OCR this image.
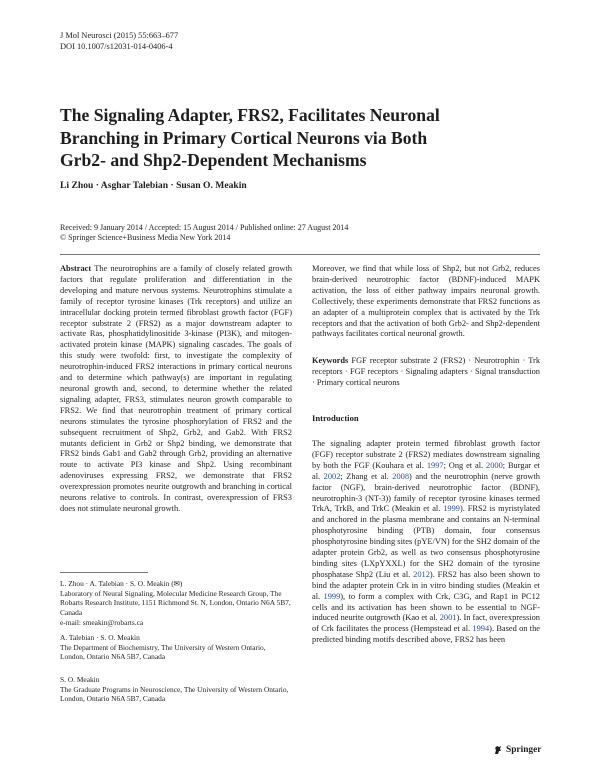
J Mol Neurosci (2015) 55:663–677
DOI 10.1007/s12031-014-0406-4
The Signaling Adapter, FRS2, Facilitates Neuronal
Branching in Primary Cortical Neurons via Both
Grb2- and Shp2-Dependent Mechanisms
Li Zhou · Asghar Talebian · Susan O. Meakin
Received: 9 January 2014 / Accepted: 15 August 2014 / Published online: 27 August 2014
© Springer Science+Business Media New York 2014

Abstract The neurotrophins are a family of closely related growth factors that regulate proliferation and differentiation in the developing and mature nervous systems. Neurotrophins stimulate a family of receptor tyrosine kinases (Trk receptors) and utilize an intracellular docking protein termed fibroblast growth factor (FGF) receptor substrate 2 (FRS2) as a major downstream adapter to activate Ras, phosphatidylinositide 3-kinase (PI3K), and mitogen-activated protein kinase (MAPK) signaling cascades. The goals of this study were twofold: first, to investigate the complexity of neurotrophin-induced FRS2 interactions in primary cortical neurons and to determine which pathway(s) are important in regulating neuronal growth and, second, to determine whether the related signaling adapter, FRS3, stimulates neuron growth comparable to FRS2. We find that neurotrophin treatment of primary cortical neurons stimulates the tyrosine phosphorylation of FRS2 and the subsequent recruitment of Shp2, Grb2, and Gab2. With FRS2 mutants deficient in Grb2 or Shp2 binding, we demonstrate that FRS2 binds Gab1 and Gab2 through Grb2, providing an alternative route to activate PI3 kinase and Shp2. Using recombinant adenoviruses expressing FRS2, we demonstrate that FRS2 overexpression promotes neurite outgrowth and branching in cortical neurons relative to controls. In contrast, overexpression of FRS3 does not stimulate neuronal growth.

L. Zhou · A. Talebian · S. O. Meakin (✉)
Laboratory of Neural Signaling, Molecular Medicine Research Group, The Robarts Research Institute, 1151 Richmond St. N, London, Ontario N6A 5B7, Canada
e-mail: smeakin@robarts.ca
A. Talebian · S. O. Meakin
The Department of Biochemistry, The University of Western Ontario, London, Ontario N6A 5B7, Canada
S. O. Meakin
The Graduate Programs in Neuroscience, The University of Western Ontario, London, Ontario N6A 5B7, Canada

Moreover, we find that while loss of Shp2, but not Grb2, reduces brain-derived neurotrophic factor (BDNF)-induced MAPK activation, the loss of either pathway impairs neuronal growth. Collectively, these experiments demonstrate that FRS2 functions as an adapter of a multiprotein complex that is activated by the Trk receptors and that the activation of both Grb2- and Shp2-dependent pathways facilitates cortical neuronal growth.

Keywords FGF receptor substrate 2 (FRS2) · Neurotrophin · Trk receptors · FGF receptors · Signaling adapters · Signal transduction · Primary cortical neurons

Introduction

The signaling adapter protein termed fibroblast growth factor (FGF) receptor substrate 2 (FRS2) mediates downstream signaling by both the FGF (Kouhara et al. 1997; Ong et al. 2000; Burgar et al. 2002; Zhang et al. 2008) and the neurotrophin (nerve growth factor (NGF), brain-derived neurotrophic factor (BDNF), neurotrophin-3 (NT-3)) family of receptor tyrosine kinases termed TrkA, TrkB, and TrkC (Meakin et al. 1999). FRS2 is myristylated and anchored in the plasma membrane and contains an N-terminal phosphotyrosine binding (PTB) domain, four consensus phosphotyrosine binding sites (pYE/VN) for the SH2 domain of the adapter protein Grb2, as well as two consensus phosphotyrosine binding sites (LXpYXXL) for the SH2 domain of the tyrosine phosphatase Shp2 (Liu et al. 2012). FRS2 has also been shown to bind the adapter protein Crk in in vitro binding studies (Meakin et al. 1999), to form a complex with Crk, C3G, and Rap1 in PC12 cells and its activation has been shown to be essential to NGF-induced neurite outgrowth (Kao et al. 2001). In fact, overexpression of Crk facilitates the process (Hempstead et al. 1994). Based on the predicted binding motifs described above, FRS2 has been

Springer
